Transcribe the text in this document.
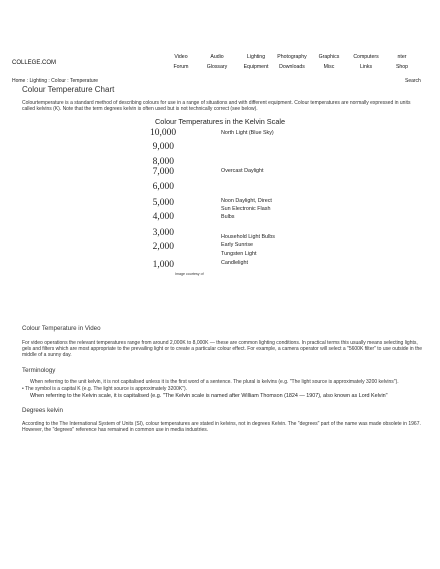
COLLEGE.COM
Video
Forum
Audio
Glossary
Lighting
Equipment
Photography
Downloads
Graphics
Misc
Computers
Links
nter
Shop
Home : Lighting : Colour : Temperature	Search
Colour Temperature Chart
Colourtemperature is a standard method of describing colours for use in a range of situations and with different equipment. Colour temperatures are normally expressed in units called kelvins (K). Note that the term degrees kelvin is often used but is not technically correct (see below).
Colour Temperatures in the Kelvin Scale
10,000
9,000
8,000
7,000
6,000
5,000
4,000
3,000
2,000
1,000
North Light (Blue Sky)
Overcast Daylight
Noon Daylight, Direct
Sun Electronic Flash
Bulbs
Household Light Bulbs
Early Sunrise
Tungsten Light
Candlelight
Image courtesy of
Colour Temperature in Video
For video operations the relevant temperatures range from around 2,000K to 8,000K — these are common lighting conditions. In practical terms this usually means selecting lights, gels and filters which are most appropriate to the prevailing light or to create a particular colour effect. For example, a camera operator will select a "5600K filter" to use outside in the middle of a sunny day.
Terminology
When referring to the unit kelvin, it is not capitalised unless it is the first word of a sentence. The plural is kelvins (e.g. "The light source is approximately 3200 kelvins").
• The symbol is a capital K (e.g. The light source is approximately 3200K").
When referring to the Kelvin scale, it is capitalised (e.g. "The Kelvin scale is named after William Thomson (1824 — 1907), also known as Lord Kelvin"
Degrees kelvin
According to the The International System of Units (SI), colour temperatures are stated in kelvins, not in degrees Kelvin. The "degrees" part of the name was made obsolete in 1967. However, the "degrees" reference has remained in common use in media industries.
